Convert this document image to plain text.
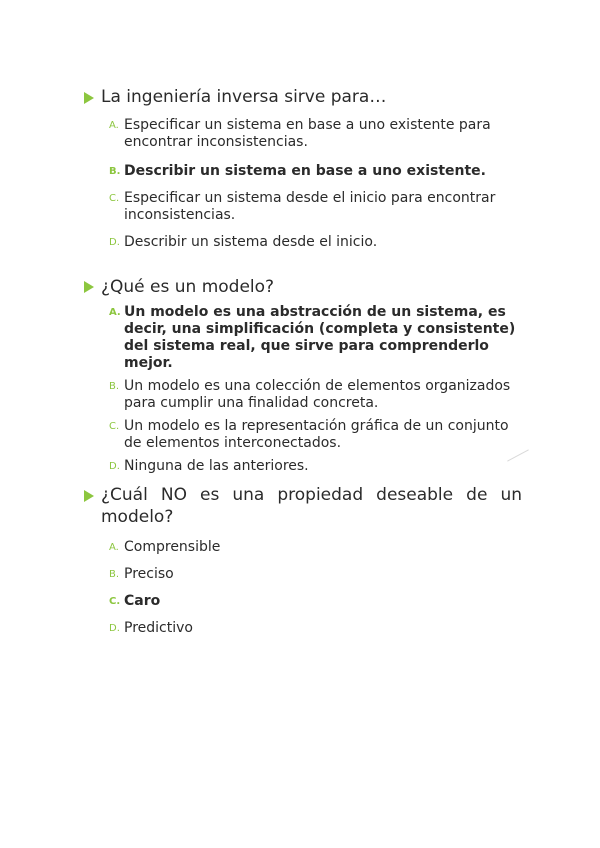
La ingeniería inversa sirve para…
A. Especificar un sistema en base a uno existente para encontrar inconsistencias.
B. Describir un sistema en base a uno existente.
C. Especificar un sistema desde el inicio para encontrar inconsistencias.
D. Describir un sistema desde el inicio.
¿Qué es un modelo?
A. Un modelo es una abstracción de un sistema, es decir, una simplificación (completa y consistente) del sistema real, que sirve para comprenderlo mejor.
B. Un modelo es una colección de elementos organizados para cumplir una finalidad concreta.
C. Un modelo es la representación gráfica de un conjunto de elementos interconectados.
D. Ninguna de las anteriores.
¿Cuál NO es una propiedad deseable de un modelo?
A. Comprensible
B. Preciso
C. Caro
D. Predictivo
